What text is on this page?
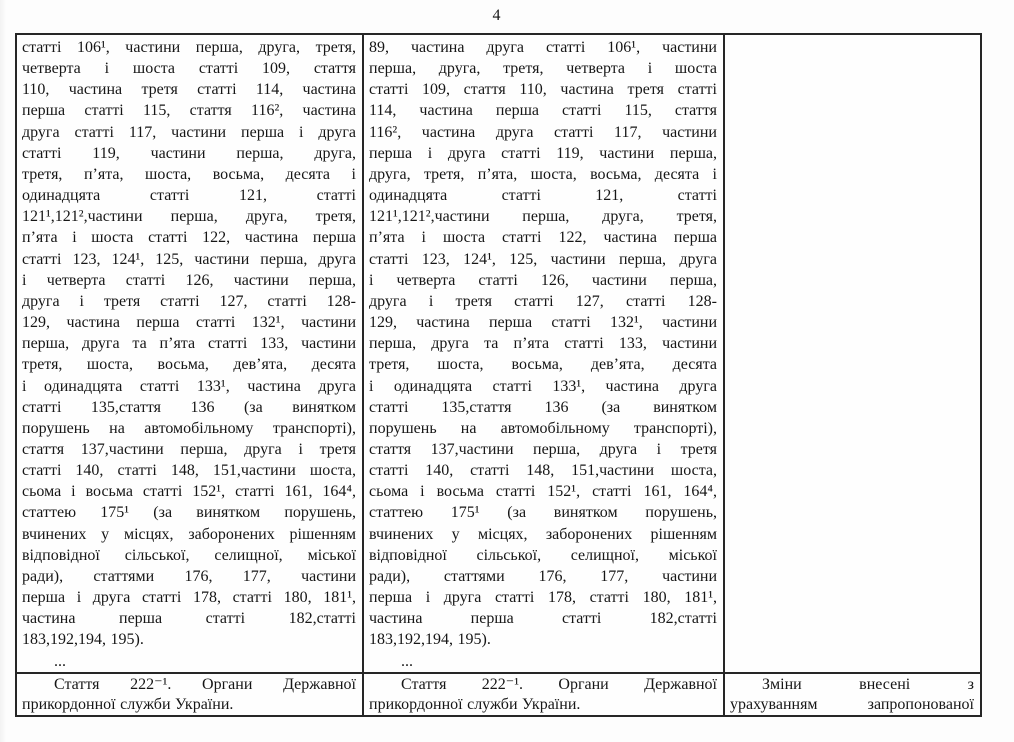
4
статті 106¹, частини перша, друга, третя,
четверта і шоста статті 109, стаття
110, частина третя статті 114, частина
перша статті 115, стаття 116², частина
друга статті 117, частини перша і друга
статті 119, частини перша, друга,
третя, п’ята, шоста, восьма, десята і
одинадцята статті 121, статті
121¹,121²,частини перша, друга, третя,
п’ята і шоста статті 122, частина перша
статті 123, 124¹, 125, частини перша, друга
і четверта статті 126, частини перша,
друга і третя статті 127, статті 128-
129, частина перша статті 132¹, частини
перша, друга та п’ята статті 133, частини
третя, шоста, восьма, дев’ята, десята
і одинадцята статті 133¹, частина друга
статті 135,стаття 136 (за винятком
порушень на автомобільному транспорті),
стаття 137,частини перша, друга і третя
статті 140, статті 148, 151,частини шоста,
сьома і восьма статті 152¹, статті 161, 164⁴,
статтею 175¹ (за винятком порушень,
вчинених у місцях, заборонених рішенням
відповідної сільської, селищної, міської
ради), статтями 176, 177, частини
перша і друга статті 178, статті 180, 181¹,
частина перша статті 182,статті
183,192,194, 195).
...
89, частина друга статті 106¹, частини
перша, друга, третя, четверта і шоста
статті 109, стаття 110, частина третя статті
114, частина перша статті 115, стаття
116², частина друга статті 117, частини
перша і друга статті 119, частини перша,
друга, третя, п’ята, шоста, восьма, десята і
одинадцята статті 121, статті
121¹,121²,частини перша, друга, третя,
п’ята і шоста статті 122, частина перша
статті 123, 124¹, 125, частини перша, друга
і четверта статті 126, частини перша,
друга і третя статті 127, статті 128-
129, частина перша статті 132¹, частини
перша, друга та п’ята статті 133, частини
третя, шоста, восьма, дев’ята, десята
і одинадцята статті 133¹, частина друга
статті 135,стаття 136 (за винятком
порушень на автомобільному транспорті),
стаття 137,частини перша, друга і третя
статті 140, статті 148, 151,частини шоста,
сьома і восьма статті 152¹, статті 161, 164⁴,
статтею 175¹ (за винятком порушень,
вчинених у місцях, заборонених рішенням
відповідної сільської, селищної, міської
ради), статтями 176, 177, частини
перша і друга статті 178, статті 180, 181¹,
частина перша статті 182,статті
183,192,194, 195).
...
Стаття 222⁻¹. Органи Державної
прикордонної служби України.
Стаття 222⁻¹. Органи Державної
прикордонної служби України.
Зміни внесені з
урахуванням запропонованої
